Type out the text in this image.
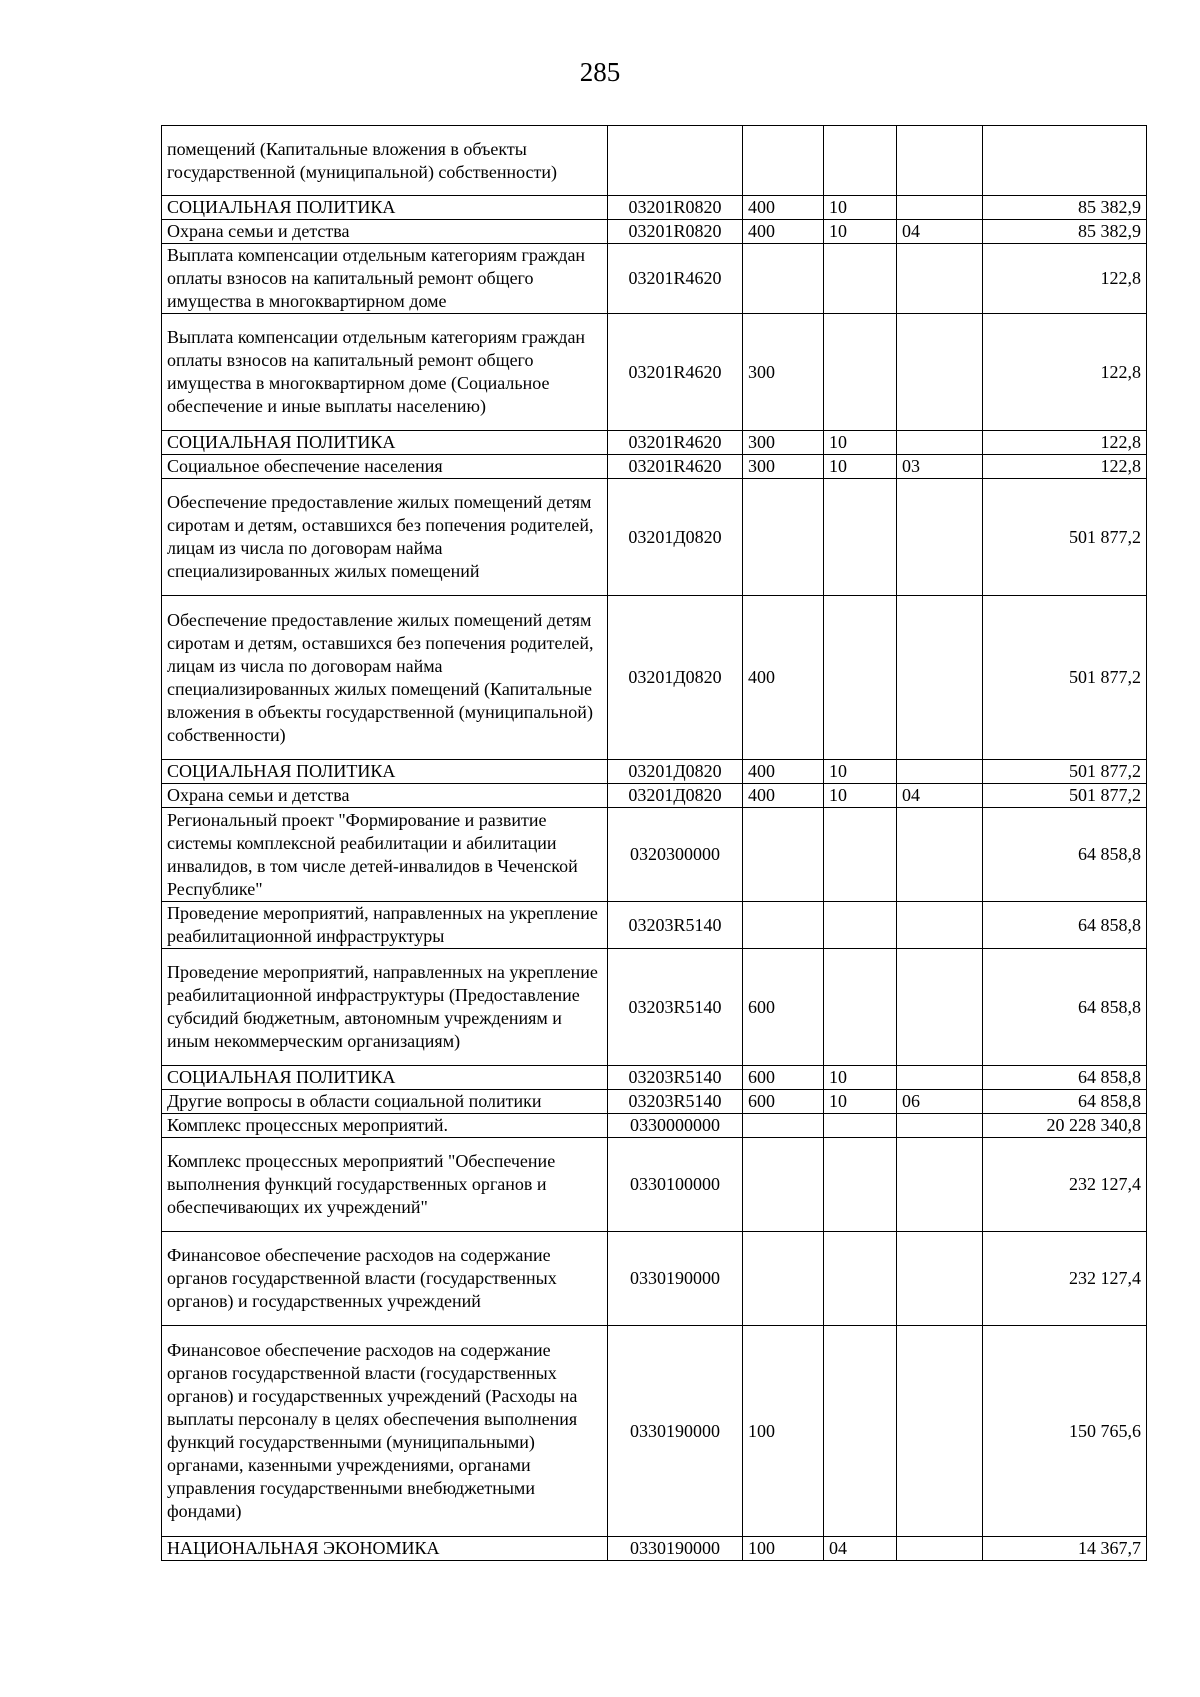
285
помещений (Капитальные вложения в объекты государственной (муниципальной) собственности)					
СОЦИАЛЬНАЯ ПОЛИТИКА	03201R0820	400	10		85 382,9
Охрана семьи и детства	03201R0820	400	10	04	85 382,9
Выплата компенсации отдельным категориям граждан оплаты взносов на капитальный ремонт общего имущества в многоквартирном доме	03201R4620				122,8
Выплата компенсации отдельным категориям граждан оплаты взносов на капитальный ремонт общего имущества в многоквартирном доме (Социальное обеспечение и иные выплаты населению)	03201R4620	300			122,8
СОЦИАЛЬНАЯ ПОЛИТИКА	03201R4620	300	10		122,8
Социальное обеспечение населения	03201R4620	300	10	03	122,8
Обеспечение предоставление жилых помещений детям сиротам и детям, оставшихся без попечения родителей, лицам из числа по договорам найма специализированных жилых помещений	03201Д0820				501 877,2
Обеспечение предоставление жилых помещений детям сиротам и детям, оставшихся без попечения родителей, лицам из числа по договорам найма специализированных жилых помещений (Капитальные вложения в объекты государственной (муниципальной) собственности)	03201Д0820	400			501 877,2
СОЦИАЛЬНАЯ ПОЛИТИКА	03201Д0820	400	10		501 877,2
Охрана семьи и детства	03201Д0820	400	10	04	501 877,2
Региональный проект "Формирование и развитие системы комплексной реабилитации и абилитации инвалидов, в том числе детей-инвалидов в Чеченской Республике"	0320300000				64 858,8
Проведение мероприятий, направленных на укрепление реабилитационной инфраструктуры	03203R5140				64 858,8
Проведение мероприятий, направленных на укрепление реабилитационной инфраструктуры (Предоставление субсидий бюджетным, автономным учреждениям и иным некоммерческим организациям)	03203R5140	600			64 858,8
СОЦИАЛЬНАЯ ПОЛИТИКА	03203R5140	600	10		64 858,8
Другие вопросы в области социальной политики	03203R5140	600	10	06	64 858,8
Комплекс процессных мероприятий.	0330000000				20 228 340,8
Комплекс процессных мероприятий "Обеспечение выполнения функций государственных органов и обеспечивающих их учреждений"	0330100000				232 127,4
Финансовое обеспечение расходов на содержание органов государственной власти (государственных органов) и государственных учреждений	0330190000				232 127,4
Финансовое обеспечение расходов на содержание органов государственной власти (государственных органов) и государственных учреждений (Расходы на выплаты персоналу в целях обеспечения выполнения функций государственными (муниципальными) органами, казенными учреждениями, органами управления государственными внебюджетными фондами)	0330190000	100			150 765,6
НАЦИОНАЛЬНАЯ ЭКОНОМИКА	0330190000	100	04		14 367,7
